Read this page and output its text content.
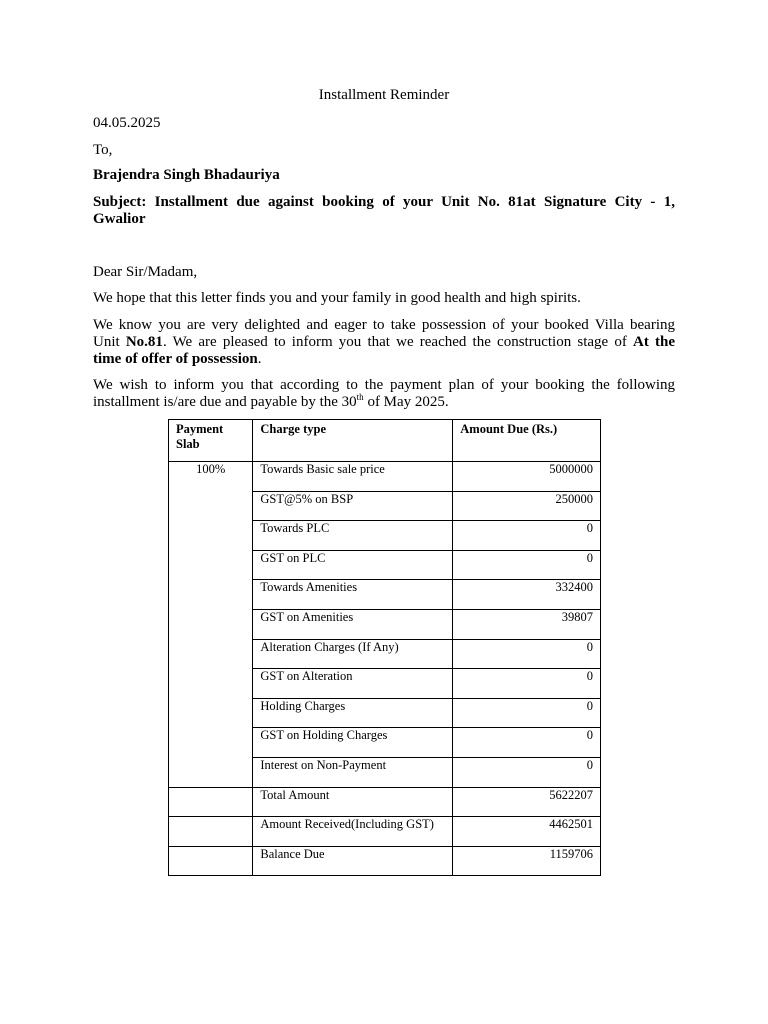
Installment Reminder
04.05.2025
To,
Brajendra Singh Bhadauriya
Subject: Installment due against booking of your Unit No. 81at Signature City - 1,
Gwalior
Dear Sir/Madam,
We hope that this letter finds you and your family in good health and high spirits.
We know you are very delighted and eager to take possession of your booked Villa bearing
Unit No.81. We are pleased to inform you that we reached the construction stage of At the
time of offer of possession.
We wish to inform you that according to the payment plan of your booking the following
installment is/are due and payable by the 30th of May 2025.
Payment Slab	Charge type	Amount Due (Rs.)
100%	Towards Basic sale price	5000000
	GST@5% on BSP	250000
	Towards PLC	0
	GST on PLC	0
	Towards Amenities	332400
	GST on Amenities	39807
	Alteration Charges (If Any)	0
	GST on Alteration	0
	Holding Charges	0
	GST on Holding Charges	0
	Interest on Non-Payment	0
	Total Amount	5622207
	Amount Received(Including GST)	4462501
	Balance Due	1159706
